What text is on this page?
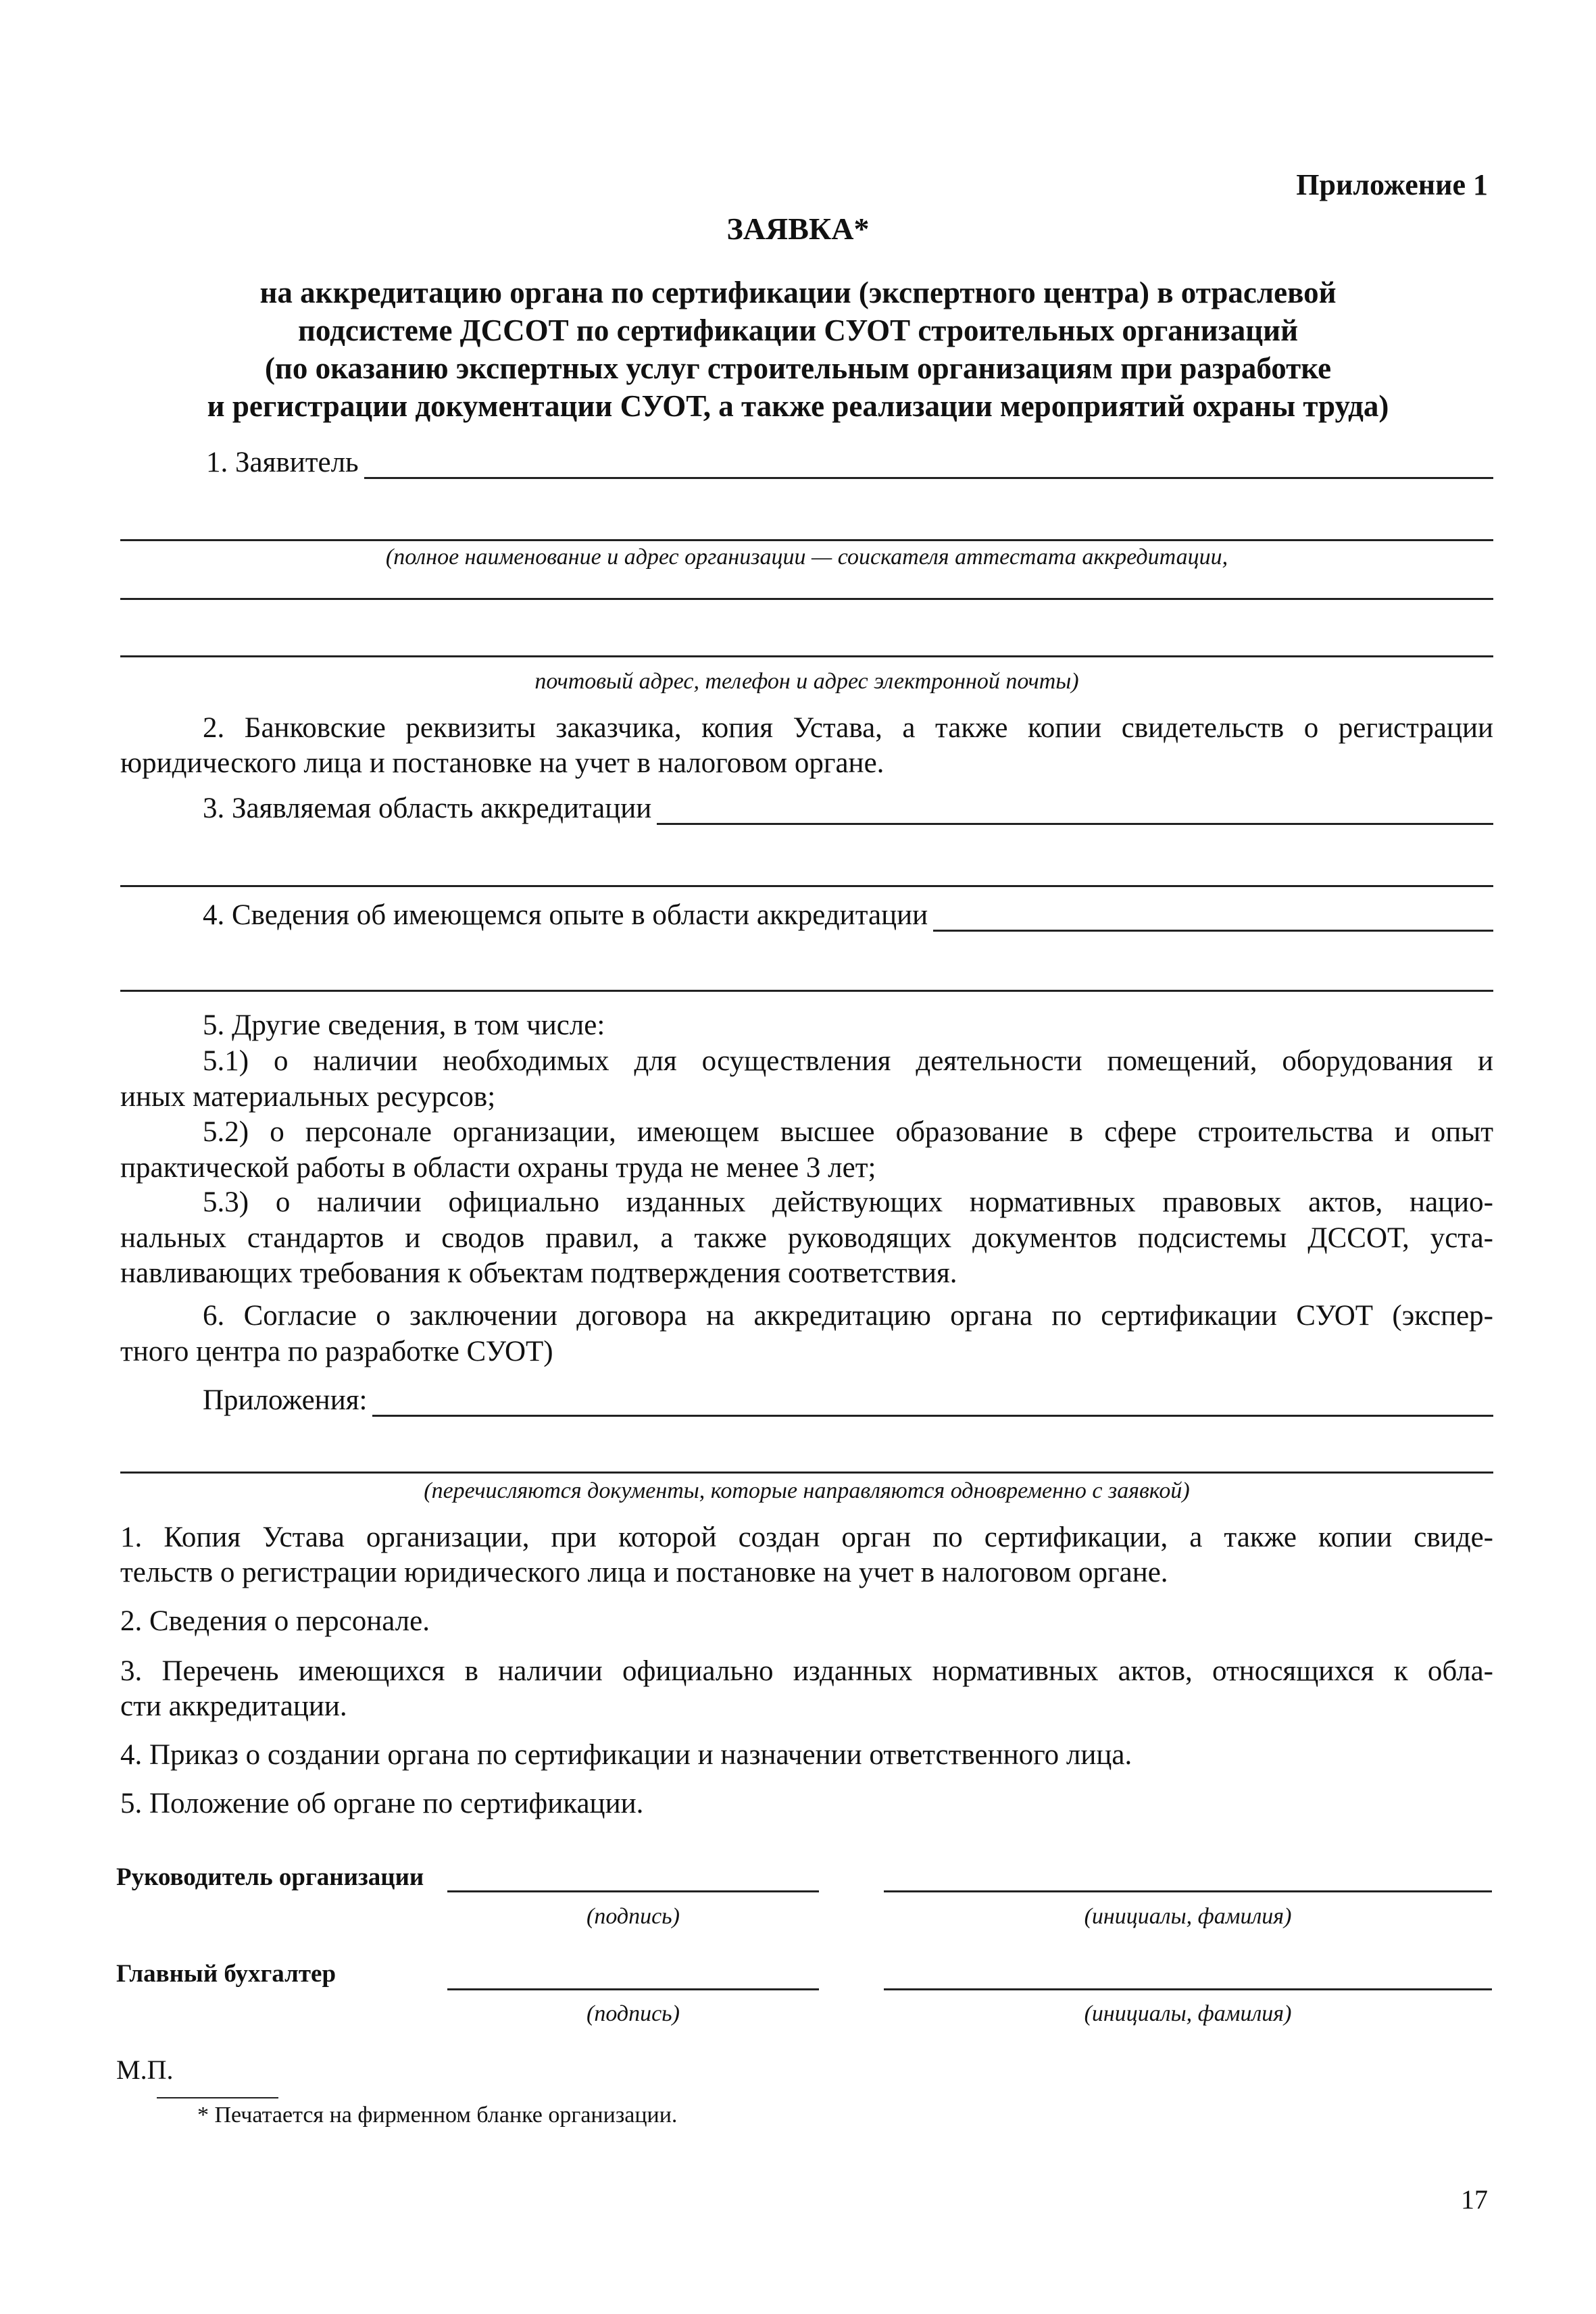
Приложение 1
ЗАЯВКА*
на аккредитацию органа по сертификации (экспертного центра) в отраслевой
подсистеме ДССОТ по сертификации СУОТ строительных организаций
(по оказанию экспертных услуг строительным организациям при разработке
и регистрации документации СУОТ, а также реализации мероприятий охраны труда)
1. Заявитель
(полное наименование и адрес организации — соискателя аттестата аккредитации,
почтовый адрес, телефон и адрес электронной почты)
2. Банковские реквизиты заказчика, копия Устава, а также копии свидетельств о регистрации
юридического лица и постановке на учет в налоговом органе.
3. Заявляемая область аккредитации
4. Сведения об имеющемся опыте в области аккредитации
5. Другие сведения, в том числе:
5.1) о наличии необходимых для осуществления деятельности помещений, оборудования и
иных материальных ресурсов;
5.2) о персонале организации, имеющем высшее образование в сфере строительства и опыт
практической работы в области охраны труда не менее 3 лет;
5.3) о наличии официально изданных действующих нормативных правовых актов, нацио-
нальных стандартов и сводов правил, а также руководящих документов подсистемы ДССОТ, уста-
навливающих требования к объектам подтверждения соответствия.
6. Согласие о заключении договора на аккредитацию органа по сертификации СУОТ (экспер-
тного центра по разработке СУОТ)
Приложения:
(перечисляются документы, которые направляются одновременно с заявкой)
1. Копия Устава организации, при которой создан орган по сертификации, а также копии свиде-
тельств о регистрации юридического лица и постановке на учет в налоговом органе.
2. Сведения о персонале.
3. Перечень имеющихся в наличии официально изданных нормативных актов, относящихся к обла-
сти аккредитации.
4. Приказ о создании органа по сертификации и назначении ответственного лица.
5. Положение об органе по сертификации.
Руководитель организации
(подпись)	(инициалы, фамилия)
Главный бухгалтер
(подпись)	(инициалы, фамилия)
М.П.
* Печатается на фирменном бланке организации.
17
